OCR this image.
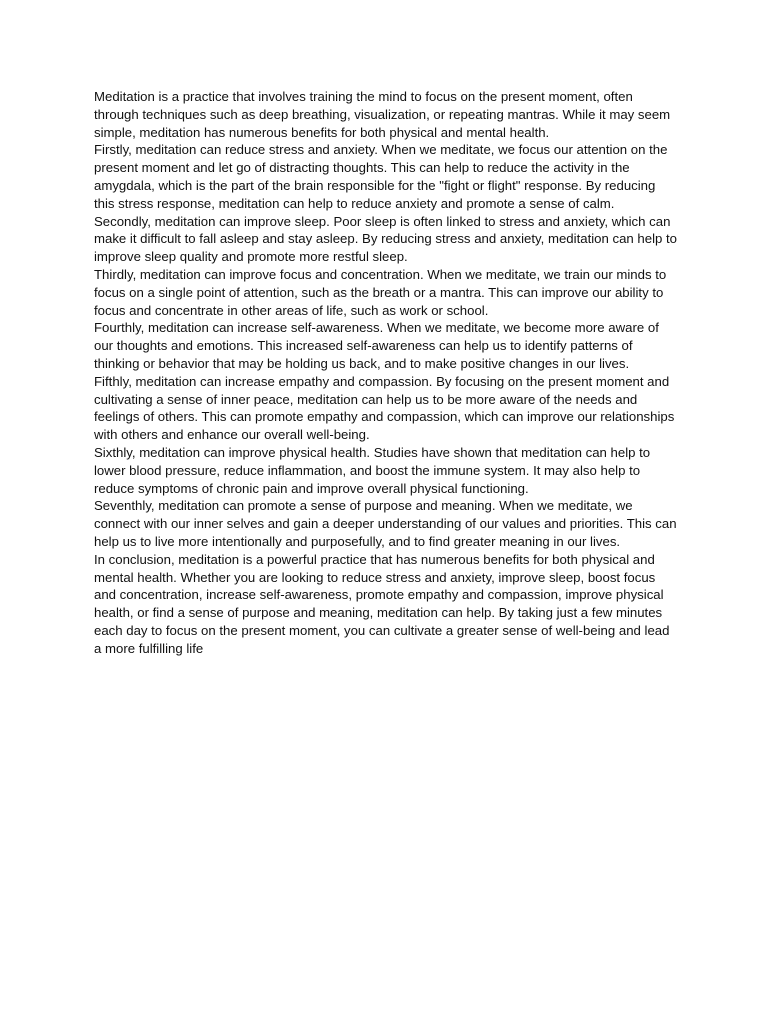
Meditation is a practice that involves training the mind to focus on the present moment, often through techniques such as deep breathing, visualization, or repeating mantras. While it may seem simple, meditation has numerous benefits for both physical and mental health.

Firstly, meditation can reduce stress and anxiety. When we meditate, we focus our attention on the present moment and let go of distracting thoughts. This can help to reduce the activity in the amygdala, which is the part of the brain responsible for the "fight or flight" response. By reducing this stress response, meditation can help to reduce anxiety and promote a sense of calm.

Secondly, meditation can improve sleep. Poor sleep is often linked to stress and anxiety, which can make it difficult to fall asleep and stay asleep. By reducing stress and anxiety, meditation can help to improve sleep quality and promote more restful sleep.

Thirdly, meditation can improve focus and concentration. When we meditate, we train our minds to focus on a single point of attention, such as the breath or a mantra. This can improve our ability to focus and concentrate in other areas of life, such as work or school.

Fourthly, meditation can increase self-awareness. When we meditate, we become more aware of our thoughts and emotions. This increased self-awareness can help us to identify patterns of thinking or behavior that may be holding us back, and to make positive changes in our lives.

Fifthly, meditation can increase empathy and compassion. By focusing on the present moment and cultivating a sense of inner peace, meditation can help us to be more aware of the needs and feelings of others. This can promote empathy and compassion, which can improve our relationships with others and enhance our overall well-being.

Sixthly, meditation can improve physical health. Studies have shown that meditation can help to lower blood pressure, reduce inflammation, and boost the immune system. It may also help to reduce symptoms of chronic pain and improve overall physical functioning.

Seventhly, meditation can promote a sense of purpose and meaning. When we meditate, we connect with our inner selves and gain a deeper understanding of our values and priorities. This can help us to live more intentionally and purposefully, and to find greater meaning in our lives.

In conclusion, meditation is a powerful practice that has numerous benefits for both physical and mental health. Whether you are looking to reduce stress and anxiety, improve sleep, boost focus and concentration, increase self-awareness, promote empathy and compassion, improve physical health, or find a sense of purpose and meaning, meditation can help. By taking just a few minutes each day to focus on the present moment, you can cultivate a greater sense of well-being and lead a more fulfilling life
